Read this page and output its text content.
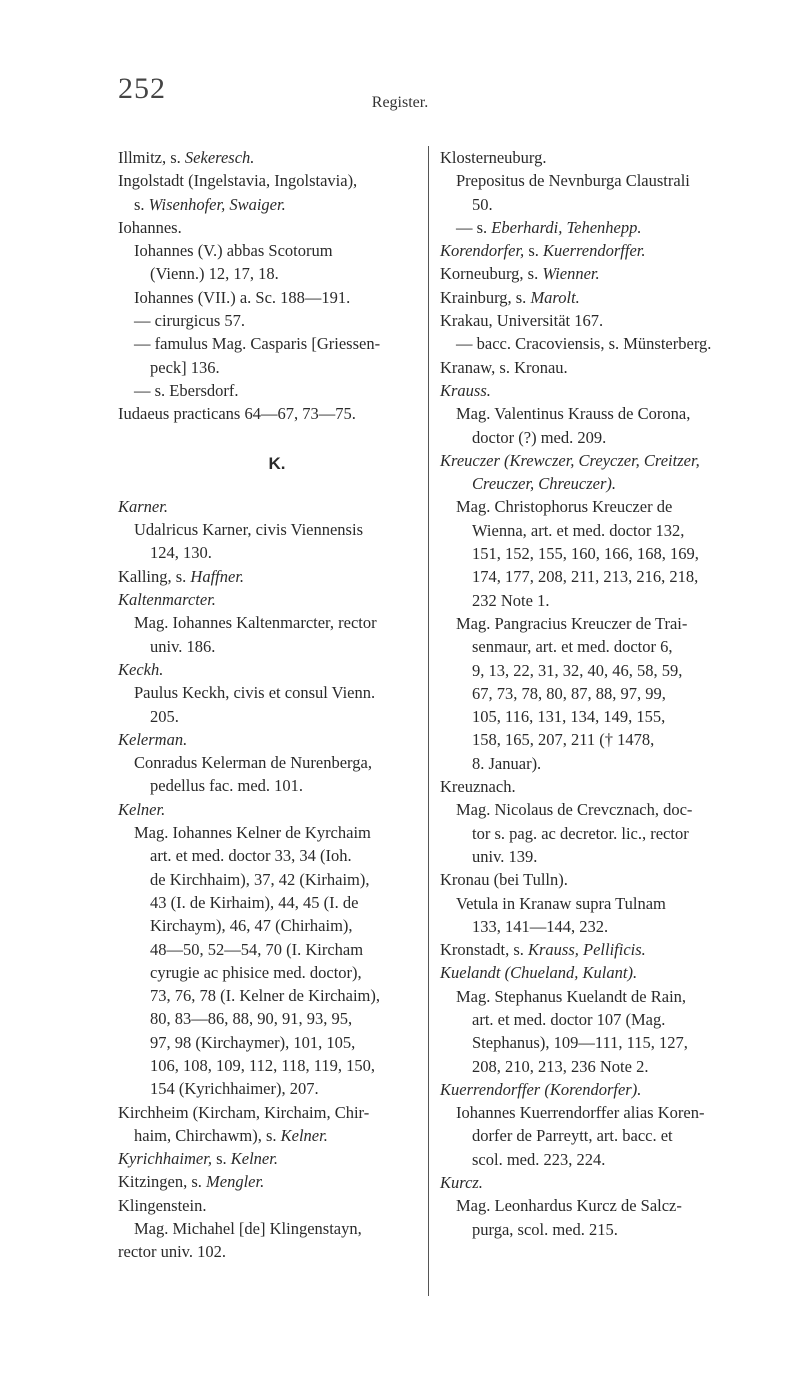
252	Register.
Illmitz, s. Sekeresch.
Ingolstadt (Ingelstavia, Ingolstavia),
s. Wisenhofer, Swaiger.
Iohannes.
Iohannes (V.) abbas Scotorum
(Vienn.) 12, 17, 18.
Iohannes (VII.) a. Sc. 188—191.
— cirurgicus 57.
— famulus Mag. Casparis [Griessen-
peck] 136.
— s. Ebersdorf.
Iudaeus practicans 64—67, 73—75.
K.
Karner.
Udalricus Karner, civis Viennensis
124, 130.
Kalling, s. Haffner.
Kaltenmarcter.
Mag. Iohannes Kaltenmarcter, rector
univ. 186.
Keckh.
Paulus Keckh, civis et consul Vienn.
205.
Kelerman.
Conradus Kelerman de Nurenberga,
pedellus fac. med. 101.
Kelner.
Mag. Iohannes Kelner de Kyrchaim
art. et med. doctor 33, 34 (Ioh.
de Kirchhaim), 37, 42 (Kirhaim),
43 (I. de Kirhaim), 44, 45 (I. de
Kirchaym), 46, 47 (Chirhaim),
48—50, 52—54, 70 (I. Kircham
cyrugie ac phisice med. doctor),
73, 76, 78 (I. Kelner de Kirchaim),
80, 83—86, 88, 90, 91, 93, 95,
97, 98 (Kirchaymer), 101, 105,
106, 108, 109, 112, 118, 119, 150,
154 (Kyrichhaimer), 207.
Kirchheim (Kircham, Kirchaim, Chir-
haim, Chirchawm), s. Kelner.
Kyrichhaimer, s. Kelner.
Kitzingen, s. Mengler.
Klingenstein.
Mag. Michahel [de] Klingenstayn,
rector univ. 102.
Klosterneuburg.
Prepositus de Nevnburga Claustrali
50.
— s. Eberhardi, Tehenhepp.
Korendorfer, s. Kuerrendorffer.
Korneuburg, s. Wienner.
Krainburg, s. Marolt.
Krakau, Universität 167.
— bacc. Cracoviensis, s. Münsterberg.
Kranaw, s. Kronau.
Krauss.
Mag. Valentinus Krauss de Corona,
doctor (?) med. 209.
Kreuczer (Krewczer, Creyczer, Creitzer,
Creuczer, Chreuczer).
Mag. Christophorus Kreuczer de
Wienna, art. et med. doctor 132,
151, 152, 155, 160, 166, 168, 169,
174, 177, 208, 211, 213, 216, 218,
232 Note 1.
Mag. Pangracius Kreuczer de Trai-
senmaur, art. et med. doctor 6,
9, 13, 22, 31, 32, 40, 46, 58, 59,
67, 73, 78, 80, 87, 88, 97, 99,
105, 116, 131, 134, 149, 155,
158, 165, 207, 211 († 1478,
8. Januar).
Kreuznach.
Mag. Nicolaus de Crevcznach, doc-
tor s. pag. ac decretor. lic., rector
univ. 139.
Kronau (bei Tulln).
Vetula in Kranaw supra Tulnam
133, 141—144, 232.
Kronstadt, s. Krauss, Pellificis.
Kuelandt (Chueland, Kulant).
Mag. Stephanus Kuelandt de Rain,
art. et med. doctor 107 (Mag.
Stephanus), 109—111, 115, 127,
208, 210, 213, 236 Note 2.
Kuerrendorffer (Korendorfer).
Iohannes Kuerrendorffer alias Koren-
dorfer de Parreytt, art. bacc. et
scol. med. 223, 224.
Kurcz.
Mag. Leonhardus Kurcz de Salcz-
purga, scol. med. 215.
